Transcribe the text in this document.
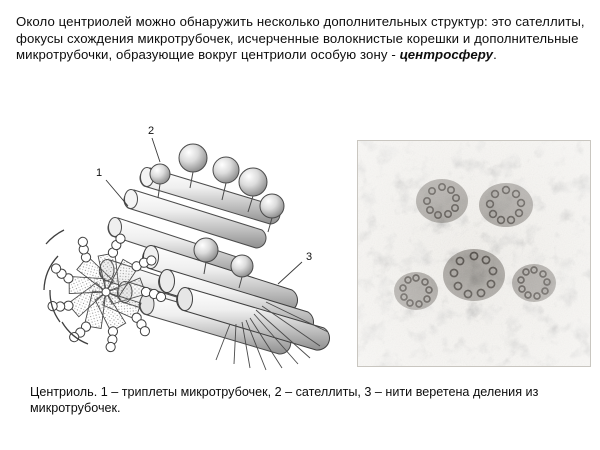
Около центриолей можно обнаружить несколько дополнительных структур: это сателлиты, фокусы схождения микротрубочек, исчерченные волокнистые корешки и дополнительные микротрубочки, образующие вокруг центриоли особую зону - центросферу.
1
2
3
Центриоль. 1 – триплеты микротрубочек, 2 – сателлиты, 3 – нити веретена деления из микротрубочек.
